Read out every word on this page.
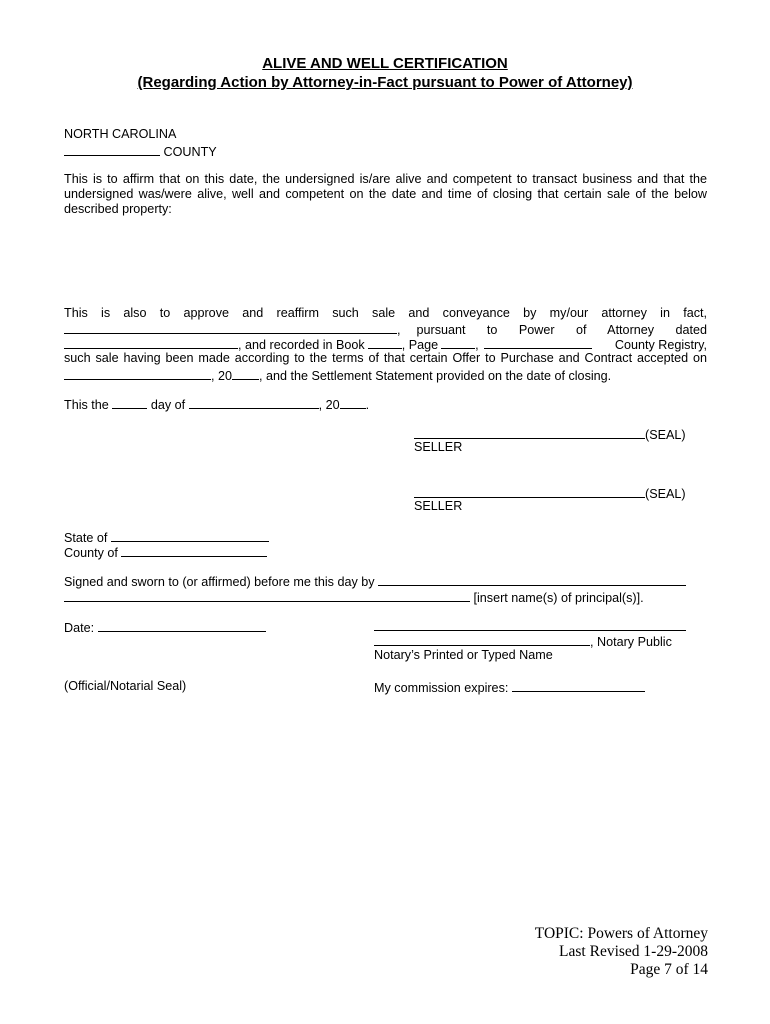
ALIVE AND WELL CERTIFICATION
(Regarding Action by Attorney-in-Fact pursuant to Power of Attorney)
NORTH CAROLINA
COUNTY
This is to affirm that on this date, the undersigned is/are alive and competent to transact business and that the
undersigned was/were alive, well and competent on the date and time of closing that certain sale of the below
described property:
This is also to approve and reaffirm such sale and conveyance by my/our attorney in fact,
, pursuant to Power of Attorney dated
, and recorded in Book	, Page	,	County Registry,
such sale having been made according to the terms of that certain Offer to Purchase and Contract accepted on
, 20 , and the Settlement Statement provided on the date of closing.
This the	day of	, 20 .
(SEAL)
SELLER
(SEAL)
SELLER
State of
County of
Signed and sworn to (or affirmed) before me this day by
[insert name(s) of principal(s)].
Date:
, Notary Public
Notary’s Printed or Typed Name
(Official/Notarial Seal)	My commission expires:
TOPIC: Powers of Attorney
Last Revised 1-29-2008
Page 7 of 14
